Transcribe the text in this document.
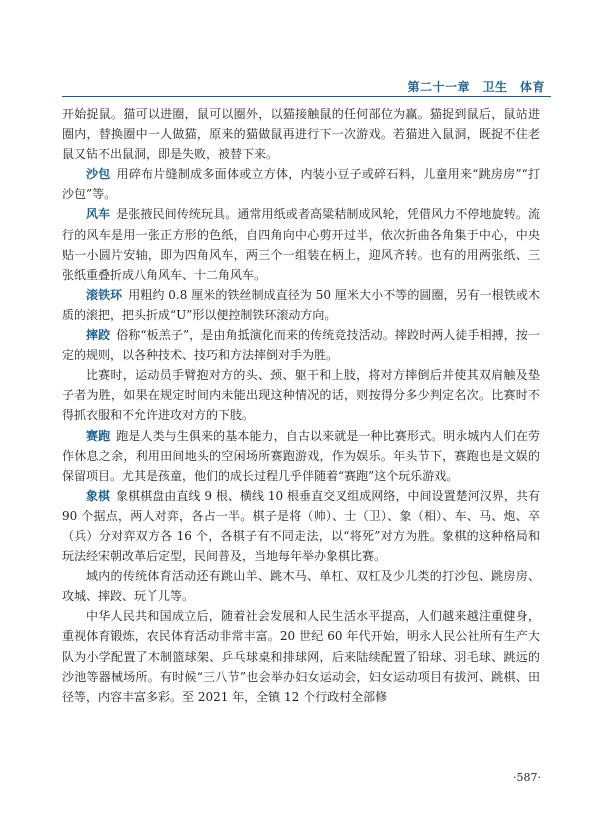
第二十一章　卫生　体育

开始捉鼠。猫可以进圈，鼠可以圈外，以猫接触鼠的任何部位为赢。猫捉到鼠后，鼠站进圈内，替换圈中一人做猫，原来的猫做鼠再进行下一次游戏。若猫进入鼠洞，既捉不住老鼠又钻不出鼠洞，即是失败，被替下来。

沙包 用碎布片缝制成多面体或立方体，内装小豆子或碎石料，儿童用来“跳房房”“打沙包”等。

风车 是张掖民间传统玩具。通常用纸或者高粱秸制成风轮，凭借风力不停地旋转。流行的风车是用一张正方形的色纸，自四角向中心剪开过半，依次折曲各角集于中心，中央贴一小圆片安轴，即为四角风车，两三个一组装在柄上，迎风齐转。也有的用两张纸、三张纸重叠折成八角风车、十二角风车。

滚铁环 用粗约 0.8 厘米的铁丝制成直径为 50 厘米大小不等的圆圈，另有一根铁或木质的滚把，把头折成“U”形以便控制铁环滚动方向。

摔跤 俗称“板羔子”，是由角抵演化而来的传统竞技活动。摔跤时两人徒手相搏，按一定的规则，以各种技术、技巧和方法摔倒对手为胜。

比赛时，运动员手臂抱对方的头、颈、躯干和上肢，将对方摔倒后并使其双肩触及垫子者为胜，如果在规定时间内未能出现这种情况的话，则按得分多少判定名次。比赛时不得抓衣服和不允许进攻对方的下肢。

赛跑 跑是人类与生俱来的基本能力，自古以来就是一种比赛形式。明永城内人们在劳作休息之余，利用田间地头的空闲场所赛跑游戏，作为娱乐。年头节下，赛跑也是文娱的保留项目。尤其是孩童，他们的成长过程几乎伴随着“赛跑”这个玩乐游戏。

象棋 象棋棋盘由直线 9 根、横线 10 根垂直交叉组成网络，中间设置楚河汉界，共有 90 个据点，两人对弈，各占一半。棋子是将（帅）、士（卫）、象（相）、车、马、炮、卒（兵）分对弈双方各 16 个，各棋子有不同走法，以“将死”对方为胜。象棋的这种格局和玩法经宋朝改革后定型，民间普及，当地每年举办象棋比赛。

域内的传统体育活动还有跳山羊、跳木马、单杠、双杠及少儿类的打沙包、跳房房、攻城、摔跤、玩丫儿等。

中华人民共和国成立后，随着社会发展和人民生活水平提高，人们越来越注重健身，重视体育锻炼，农民体育活动非常丰富。20 世纪 60 年代开始，明永人民公社所有生产大队为小学配置了木制篮球架、乒乓球桌和排球网，后来陆续配置了铅球、羽毛球、跳远的沙池等器械场所。有时候“三八节”也会举办妇女运动会，妇女运动项目有拔河、跳棋、田径等，内容丰富多彩。至 2021 年，全镇 12 个行政村全部修

·587·
